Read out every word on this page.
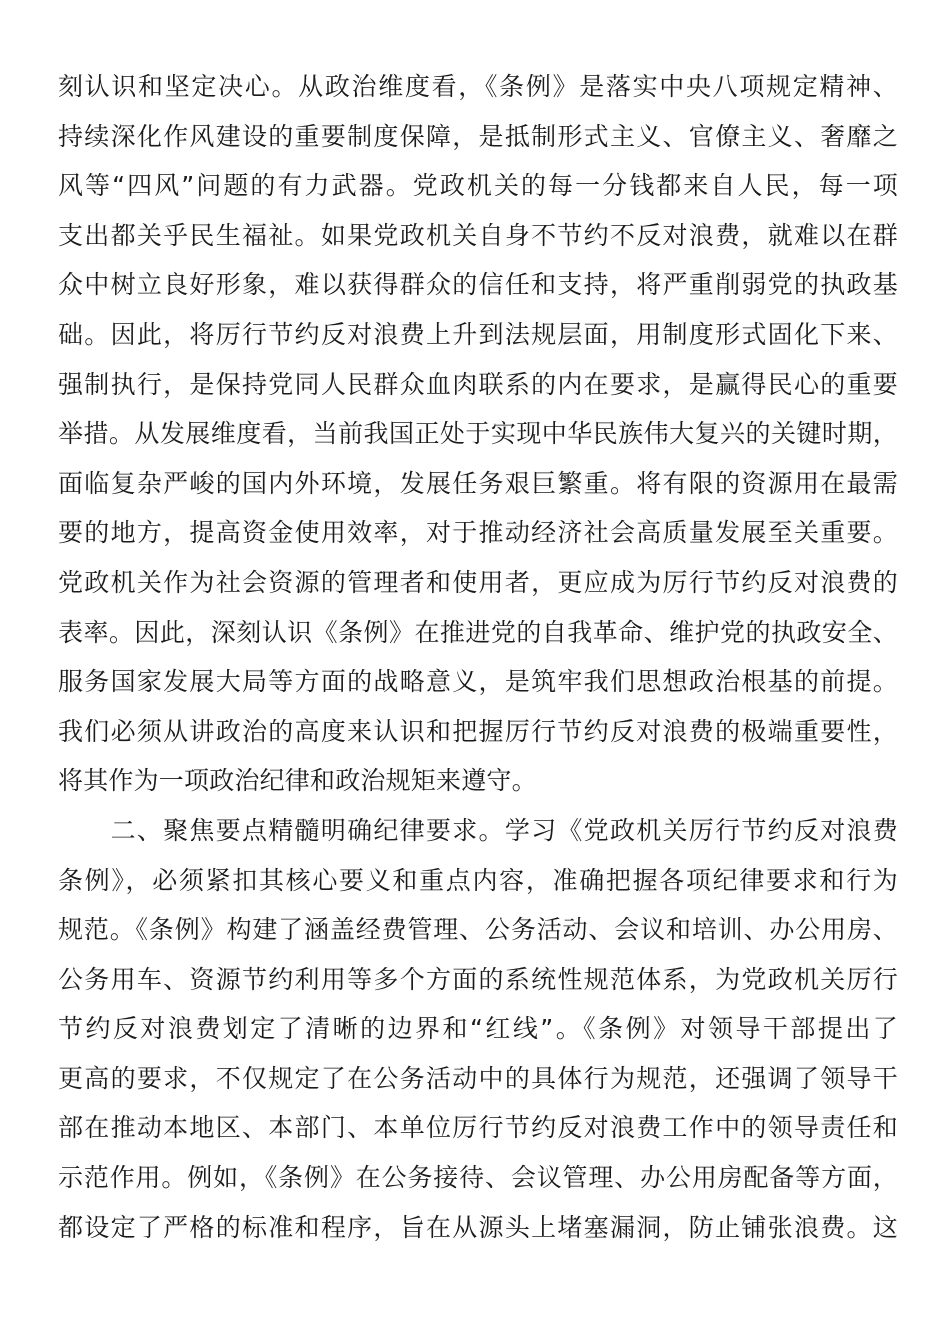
刻认识和坚定决心。从政治维度看，《条例》是落实中央八项规定精神、
持续深化作风建设的重要制度保障，是抵制形式主义、官僚主义、奢靡之
风等“四风”问题的有力武器。党政机关的每一分钱都来自人民，每一项
支出都关乎民生福祉。如果党政机关自身不节约不反对浪费，就难以在群
众中树立良好形象，难以获得群众的信任和支持，将严重削弱党的执政基
础。因此，将厉行节约反对浪费上升到法规层面，用制度形式固化下来、
强制执行，是保持党同人民群众血肉联系的内在要求，是赢得民心的重要
举措。从发展维度看，当前我国正处于实现中华民族伟大复兴的关键时期，
面临复杂严峻的国内外环境，发展任务艰巨繁重。将有限的资源用在最需
要的地方，提高资金使用效率，对于推动经济社会高质量发展至关重要。
党政机关作为社会资源的管理者和使用者，更应成为厉行节约反对浪费的
表率。因此，深刻认识《条例》在推进党的自我革命、维护党的执政安全、
服务国家发展大局等方面的战略意义，是筑牢我们思想政治根基的前提。
我们必须从讲政治的高度来认识和把握厉行节约反对浪费的极端重要性，
将其作为一项政治纪律和政治规矩来遵守。
　　二、聚焦要点精髓明确纪律要求。学习《党政机关厉行节约反对浪费
条例》，必须紧扣其核心要义和重点内容，准确把握各项纪律要求和行为
规范。《条例》构建了涵盖经费管理、公务活动、会议和培训、办公用房、
公务用车、资源节约利用等多个方面的系统性规范体系，为党政机关厉行
节约反对浪费划定了清晰的边界和“红线”。《条例》对领导干部提出了
更高的要求，不仅规定了在公务活动中的具体行为规范，还强调了领导干
部在推动本地区、本部门、本单位厉行节约反对浪费工作中的领导责任和
示范作用。例如，《条例》在公务接待、会议管理、办公用房配备等方面，
都设定了严格的标准和程序，旨在从源头上堵塞漏洞，防止铺张浪费。这
